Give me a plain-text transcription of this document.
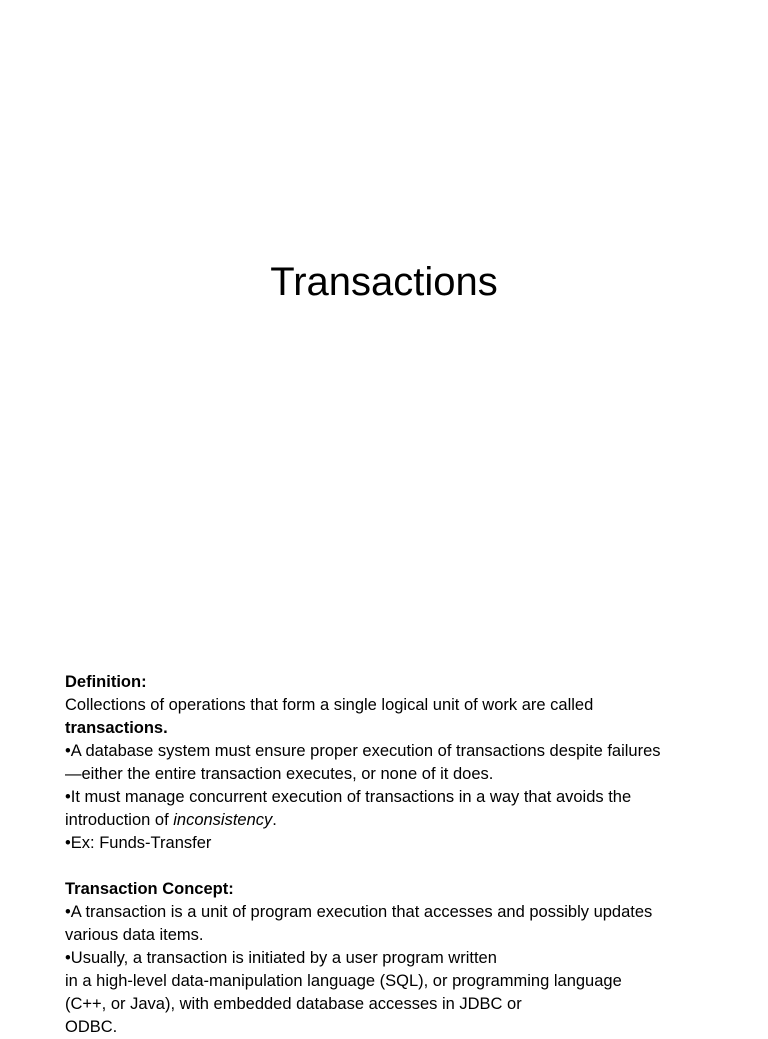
Transactions

Definition:

Collections of operations that form a single logical unit of work are called

transactions.

•A database system must ensure proper execution of transactions despite failures

—either the entire transaction executes, or none of it does.

•It must manage concurrent execution of transactions in a way that avoids the

introduction of inconsistency.

•Ex: Funds-Transfer

Transaction Concept:

•A transaction is a unit of program execution that accesses and possibly updates

various data items.

•Usually, a transaction is initiated by a user program written

in a high-level data-manipulation language (SQL), or programming language

(C++, or Java), with embedded database accesses in JDBC or

ODBC.
